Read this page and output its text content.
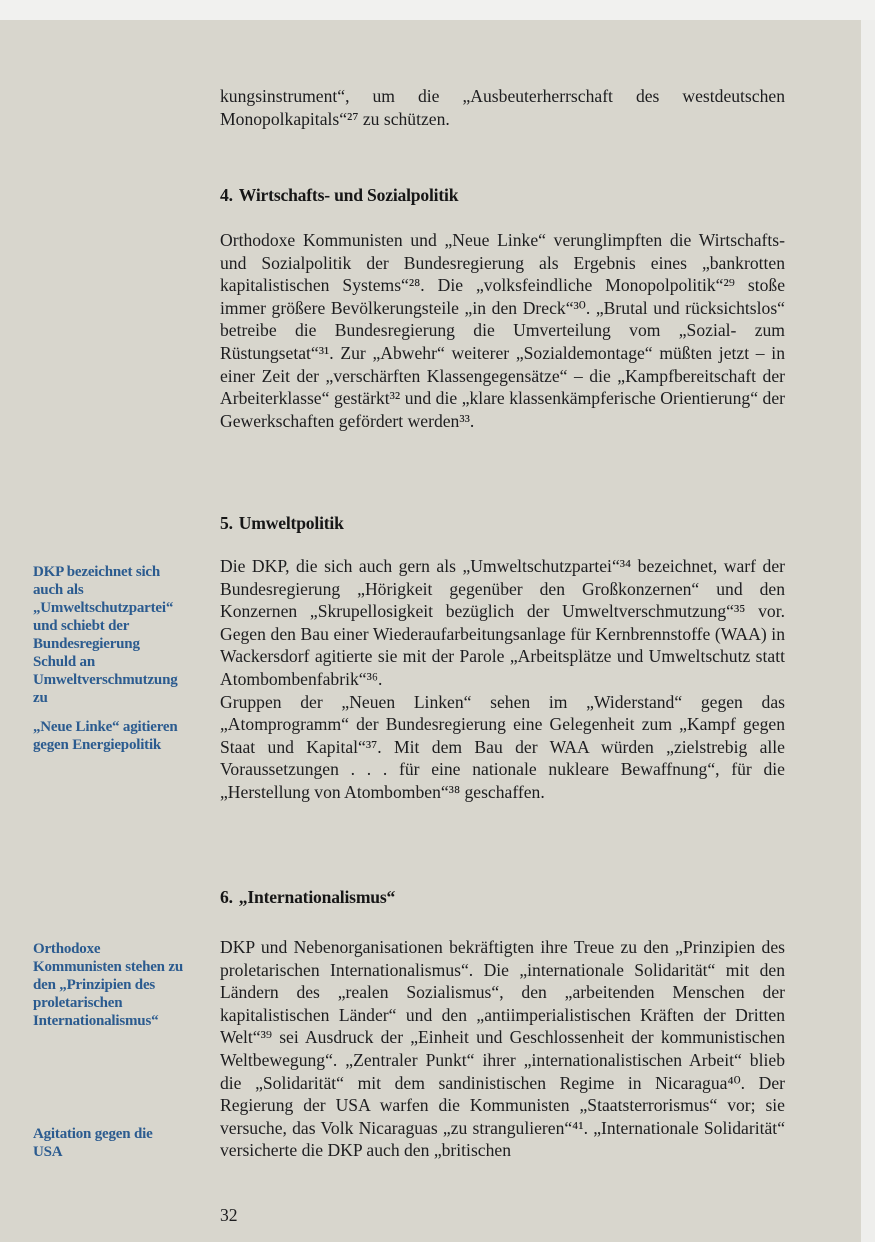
kungsinstrument“, um die „Ausbeuterherrschaft des westdeutschen Monopolkapitals“²⁷ zu schützen.

4. Wirtschafts- und Sozialpolitik

Orthodoxe Kommunisten und „Neue Linke“ verunglimpften die Wirtschafts- und Sozialpolitik der Bundesregierung als Ergebnis eines „bankrotten kapitalistischen Systems“²⁸. Die „volksfeindliche Monopolpolitik“²⁹ stoße immer größere Bevölkerungsteile „in den Dreck“³⁰. „Brutal und rücksichtslos“ betreibe die Bundesregierung die Umverteilung vom „Sozial- zum Rüstungsetat“³¹. Zur „Abwehr“ weiterer „Sozialdemontage“ müßten jetzt – in einer Zeit der „verschärften Klassengegensätze“ – die „Kampfbereitschaft der Arbeiterklasse“ gestärkt³² und die „klare klassenkämpferische Orientierung“ der Gewerkschaften gefördert werden³³.

5. Umweltpolitik

Die DKP, die sich auch gern als „Umweltschutzpartei“³⁴ bezeichnet, warf der Bundesregierung „Hörigkeit gegenüber den Großkonzernen“ und den Konzernen „Skrupellosigkeit bezüglich der Umweltverschmutzung“³⁵ vor. Gegen den Bau einer Wiederaufarbeitungsanlage für Kernbrennstoffe (WAA) in Wackersdorf agitierte sie mit der Parole „Arbeitsplätze und Umweltschutz statt Atombombenfabrik“³⁶.

Gruppen der „Neuen Linken“ sehen im „Widerstand“ gegen das „Atomprogramm“ der Bundesregierung eine Gelegenheit zum „Kampf gegen Staat und Kapital“³⁷. Mit dem Bau der WAA würden „zielstrebig alle Voraussetzungen . . . für eine nationale nukleare Bewaffnung“, für die „Herstellung von Atombomben“³⁸ geschaffen.

6. „Internationalismus“

DKP und Nebenorganisationen bekräftigten ihre Treue zu den „Prinzipien des proletarischen Internationalismus“. Die „internationale Solidarität“ mit den Ländern des „realen Sozialismus“, den „arbeitenden Menschen der kapitalistischen Länder“ und den „antiimperialistischen Kräften der Dritten Welt“³⁹ sei Ausdruck der „Einheit und Geschlossenheit der kommunistischen Weltbewegung“. „Zentraler Punkt“ ihrer „internationalistischen Arbeit“ blieb die „Solidarität“ mit dem sandinistischen Regime in Nicaragua⁴⁰. Der Regierung der USA warfen die Kommunisten „Staatsterrorismus“ vor; sie versuche, das Volk Nicaraguas „zu strangulieren“⁴¹. „Internationale Solidarität“ versicherte die DKP auch den „britischen

DKP bezeichnet sich auch als „Umweltschutzpartei“ und schiebt der Bundesregierung Schuld an Umweltverschmutzung zu

„Neue Linke“ agitieren gegen Energiepolitik

Orthodoxe Kommunisten stehen zu den „Prinzipien des proletarischen Internationalismus“

Agitation gegen die USA

32
